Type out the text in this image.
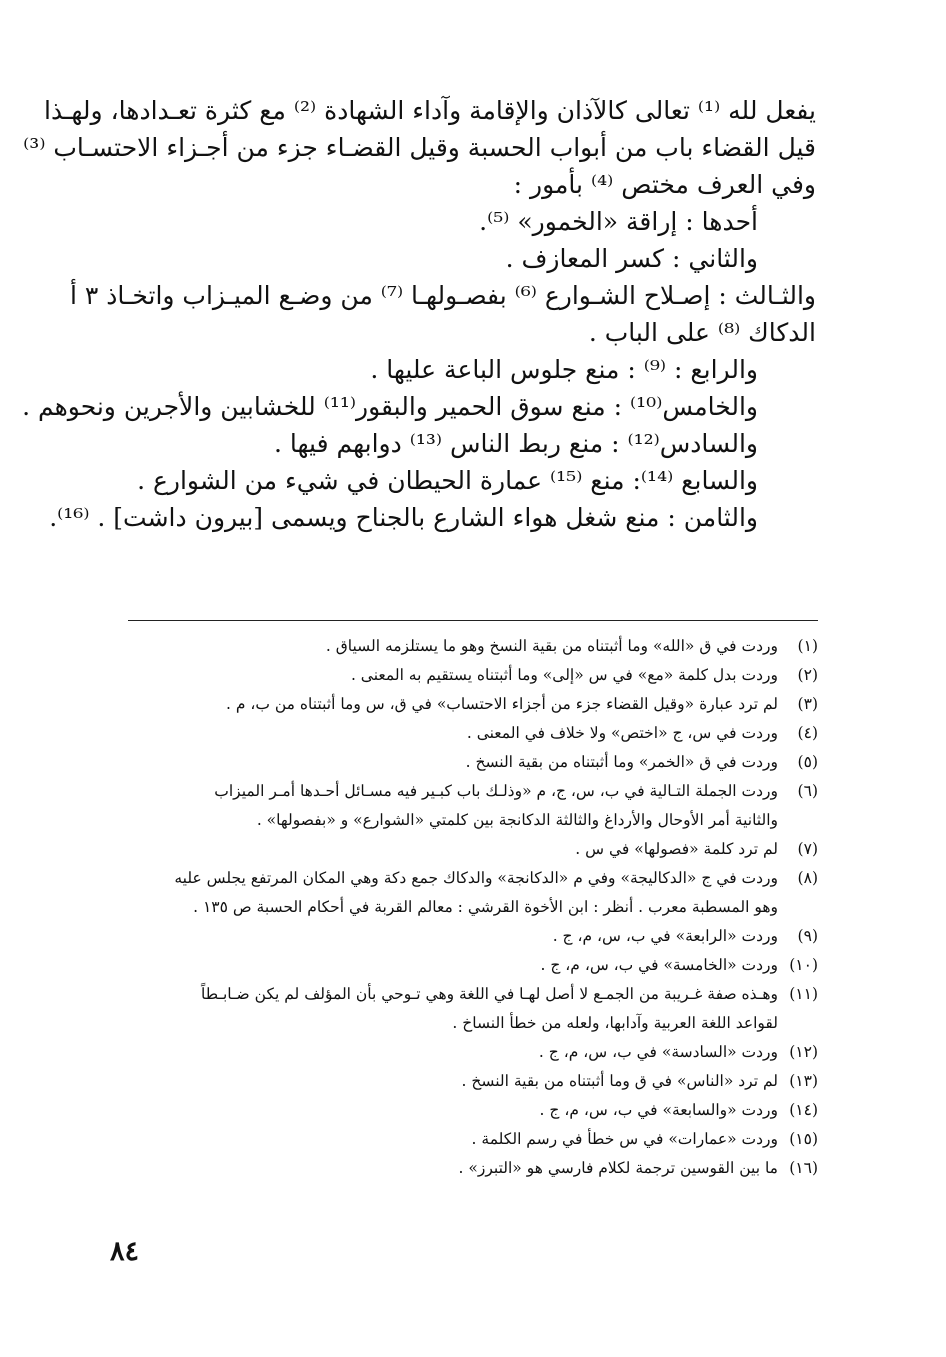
يفعل لله ⁽¹⁾ تعالى كالآذان والإقامة وآداء الشهادة ⁽²⁾ مع كثرة تعـدادها، ولهـذا
قيل القضاء باب من أبواب الحسبة وقيل القضـاء جزء من أجـزاء الاحتسـاب ⁽³⁾
وفي العرف مختص ⁽⁴⁾ بأمور :
أحدها : إراقة «الخمور» ⁽⁵⁾.
والثاني : كسر المعازف .
والثـالث : إصـلاح الشـوارع ⁽⁶⁾ بفصـولهـا ⁽⁷⁾ من وضـع الميـزاب واتخـاذ ٣ أ
الدكاك ⁽⁸⁾ على الباب .
والرابع : ⁽⁹⁾ : منع جلوس الباعة عليها .
والخامس⁽¹⁰⁾ : منع سوق الحمير والبقور⁽¹¹⁾ للخشابين والأجرين ونحوهم .
والسادس⁽¹²⁾ : منع ربط الناس ⁽¹³⁾ دوابهم فيها .
والسابع ⁽¹⁴⁾: منع ⁽¹⁵⁾ عمارة الحيطان في شيء من الشوارع .
والثامن : منع شغل هواء الشارع بالجناح ويسمى [بيرون داشت] . ⁽¹⁶⁾.
(١)
وردت في ق «الله» وما أثبتناه من بقية النسخ وهو ما يستلزمه السياق .
(٢)
وردت بدل كلمة «مع» في س «إلى» وما أثبتناه يستقيم به المعنى .
(٣)
لم ترد عبارة «وقيل القضاء جزء من أجزاء الاحتساب» في ق، س وما أثبتناه من ب، م .
(٤)
وردت في س، ج «اختص» ولا خلاف في المعنى .
(٥)
وردت في ق «الخمر» وما أثبتناه من بقية النسخ .
(٦)
وردت الجملة التـالية في ب، س، ج، م «وذلـك باب كبـير فيه مسـائل أحـدها أمـر الميزاب
والثانية أمر الأوحال والأرداغ والثالثة الدكانجة بين كلمتي «الشوارع» و «بفصولها» .
(٧)
لم ترد كلمة «فصولها» في س .
(٨)
وردت في ج «الدكاليجة» وفي م «الدكانجة» والدكاك جمع دكة وهي المكان المرتفع يجلس عليه
وهو المسطبة معرب . أنظر : ابن الأخوة القرشي : معالم القربة في أحكام الحسبة ص ١٣٥ .
(٩)
وردت «الرابعة» في ب، س، م، ج .
(١٠)
وردت «الخامسة» في ب، س، م، ج .
(١١)
وهـذه صفة غـريبة من الجمـع لا أصل لهـا في اللغة وهي تـوحي بأن المؤلف لم يكن ضـابـطاً
لقواعد اللغة العربية وآدابها، ولعله من خطأ النساخ .
(١٢)
وردت «السادسة» في ب، س، م، ج .
(١٣)
لم ترد «الناس» في ق وما أثبتناه من بقية النسخ .
(١٤)
وردت «والسابعة» في ب، س، م، ج .
(١٥)
وردت «عمارات» في س خطأ في رسم الكلمة .
(١٦)
ما بين القوسين ترجمة لكلام فارسي هو «التبرز» .
٨٤
